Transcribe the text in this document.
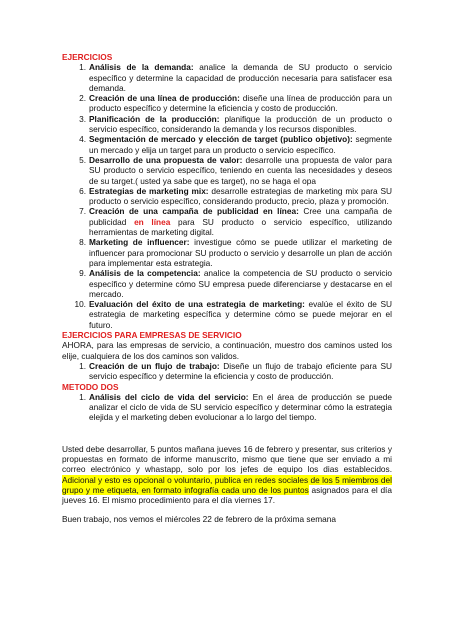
EJERCICIOS

1. Análisis de la demanda: analice la demanda de SU producto o servicio específico y determine la capacidad de producción necesaria para satisfacer esa demanda.
2. Creación de una línea de producción: diseñe una línea de producción para un producto específico y determine la eficiencia y costo de producción.
3. Planificación de la producción: planifique la producción de un producto o servicio específico, considerando la demanda y los recursos disponibles.
4. Segmentación de mercado y elección de target (publico objetivo): segmente un mercado y elija un target para un producto o servicio específico.
5. Desarrollo de una propuesta de valor: desarrolle una propuesta de valor para SU producto o servicio específico, teniendo en cuenta las necesidades y deseos de su target.( usted ya sabe que es target), no se haga el opa
6. Estrategias de marketing mix: desarrolle estrategias de marketing mix para SU producto o servicio específico, considerando producto, precio, plaza y promoción.
7. Creación de una campaña de publicidad en línea: Cree una campaña de publicidad en línea para SU producto o servicio específico, utilizando herramientas de marketing digital.
8. Marketing de influencer: investigue cómo se puede utilizar el marketing de influencer para promocionar SU producto o servicio y desarrolle un plan de acción para implementar esta estrategia.
9. Análisis de la competencia: analice la competencia de SU producto o servicio específico y determine cómo SU empresa puede diferenciarse y destacarse en el mercado.
10. Evaluación del éxito de una estrategia de marketing: evalúe el éxito de SU estrategia de marketing específica y determine cómo se puede mejorar en el futuro.

EJERCICIOS PARA EMPRESAS DE SERVICIO

AHORA, para las empresas de servicio, a continuación, muestro dos caminos usted los elije, cualquiera de los dos caminos son validos.

1. Creación de un flujo de trabajo: Diseñe un flujo de trabajo eficiente para SU servicio específico y determine la eficiencia y costo de producción.

METODO DOS

1. Análisis del ciclo de vida del servicio: En el área de producción se puede analizar el ciclo de vida de SU servicio específico y determinar cómo la estrategia elejida y el marketing deben evolucionar a lo largo del tiempo.

Usted debe desarrollar, 5 puntos mañana jueves 16 de febrero y presentar, sus criterios y propuestas en formato de informe manuscrito, mismo que tiene que ser enviado a mi correo electrónico y whastapp, solo por los jefes de equipo los dias establecidos. Adicional y esto es opcional o voluntario, publica en redes sociales de los 5 miembros del grupo y me etiqueta, en formato infografía cada uno de los puntos asignados para el día jueves 16. El mismo procedimiento para el día viernes 17.

Buen trabajo, nos vemos el miércoles 22 de febrero de la próxima semana
